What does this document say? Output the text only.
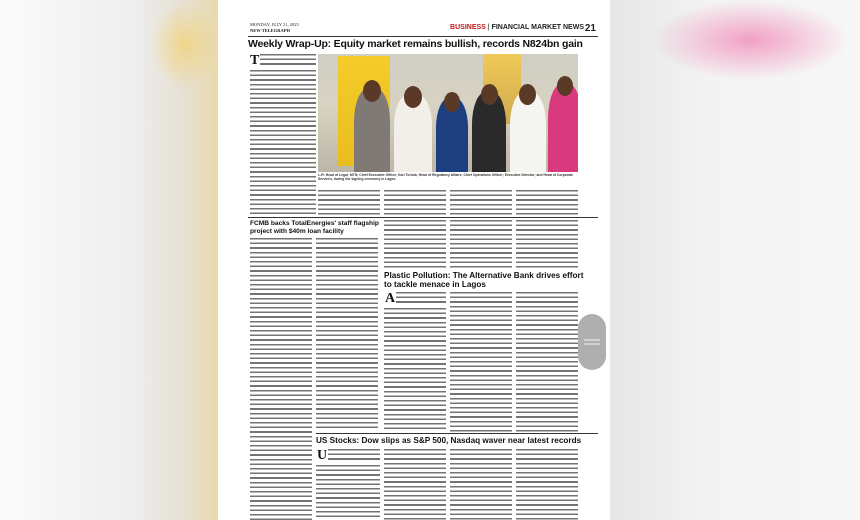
MONDAY, JULY 21, 2025
NEW TELEGRAPH	BUSINESS | FINANCIAL MARKET NEWS 21
Weekly Wrap-Up: Equity market remains bullish, records N824bn gain
T
L-R: Head of Legal, MTN; Chief Executive Officer, Karl Toriola; Head of Regulatory Affairs; Chief Operations Officer; Executive Director; and Head of Corporate Services, during the signing ceremony in Lagos.
FCMB backs TotalEnergies' staff flagship project with $40m loan facility
Plastic Pollution: The Alternative Bank drives effort to tackle menace in Lagos
A
US Stocks: Dow slips as S&P 500, Nasdaq waver near latest records
U
